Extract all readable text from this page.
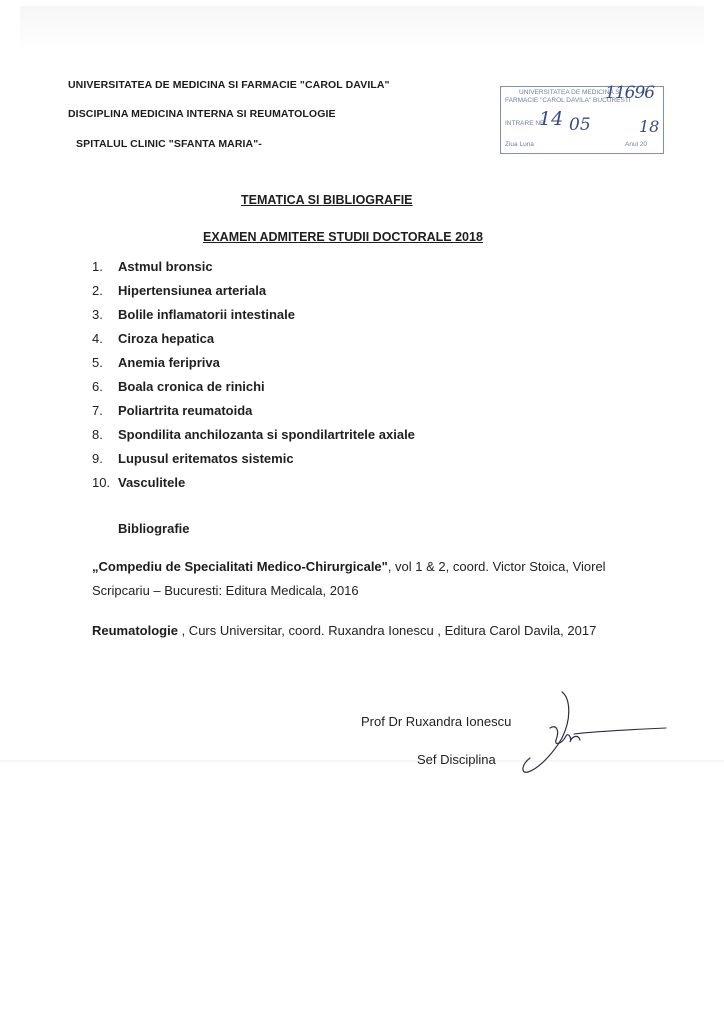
UNIVERSITATEA DE MEDICINA SI FARMACIE "CAROL DAVILA"
DISCIPLINA MEDICINA INTERNA SI REUMATOLOGIE
SPITALUL CLINIC "SFANTA MARIA"-
UNIVERSITATEA DE MEDICINA SI
FARMACIE "CAROL DAVILA" BUCURESTI
INTRARE NR
Ziua Luna	Anul 20
11696
14 05	18
TEMATICA SI BIBLIOGRAFIE
EXAMEN ADMITERE STUDII DOCTORALE 2018
1.	Astmul bronsic
2.	Hipertensiunea arteriala
3.	Bolile inflamatorii intestinale
4.	Ciroza hepatica
5.	Anemia feripriva
6.	Boala cronica de rinichi
7.	Poliartrita reumatoida
8.	Spondilita anchilozanta si spondilartritele axiale
9.	Lupusul eritematos sistemic
10. Vasculitele
Bibliografie
„Compediu de Specialitati Medico-Chirurgicale", vol 1 & 2, coord. Victor Stoica, Viorel Scripcariu – Bucuresti: Editura Medicala, 2016
Reumatologie , Curs Universitar, coord. Ruxandra Ionescu , Editura Carol Davila, 2017
Prof Dr Ruxandra Ionescu
Sef Disciplina
